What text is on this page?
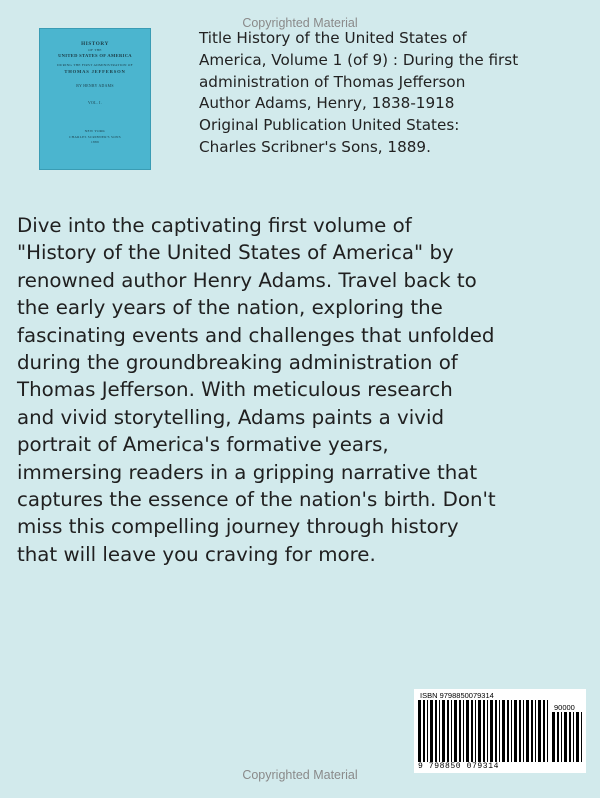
Copyrighted Material
HISTORY
OF THE
UNITED STATES OF AMERICA
DURING THE FIRST ADMINISTRATION OF
THOMAS JEFFERSON
BY HENRY ADAMS
VOL. I.
NEW YORK
CHARLES SCRIBNER'S SONS
1889
Title History of the United States of
America, Volume 1 (of 9) : During the first
administration of Thomas Jefferson
Author Adams, Henry, 1838-1918
Original Publication United States:
Charles Scribner's Sons, 1889.
Dive into the captivating first volume of
"History of the United States of America" by
renowned author Henry Adams. Travel back to
the early years of the nation, exploring the
fascinating events and challenges that unfolded
during the groundbreaking administration of
Thomas Jefferson. With meticulous research
and vivid storytelling, Adams paints a vivid
portrait of America's formative years,
immersing readers in a gripping narrative that
captures the essence of the nation's birth. Don't
miss this compelling journey through history
that will leave you craving for more.
ISBN 9798850079314
90000
9 798850 079314
Copyrighted Material
